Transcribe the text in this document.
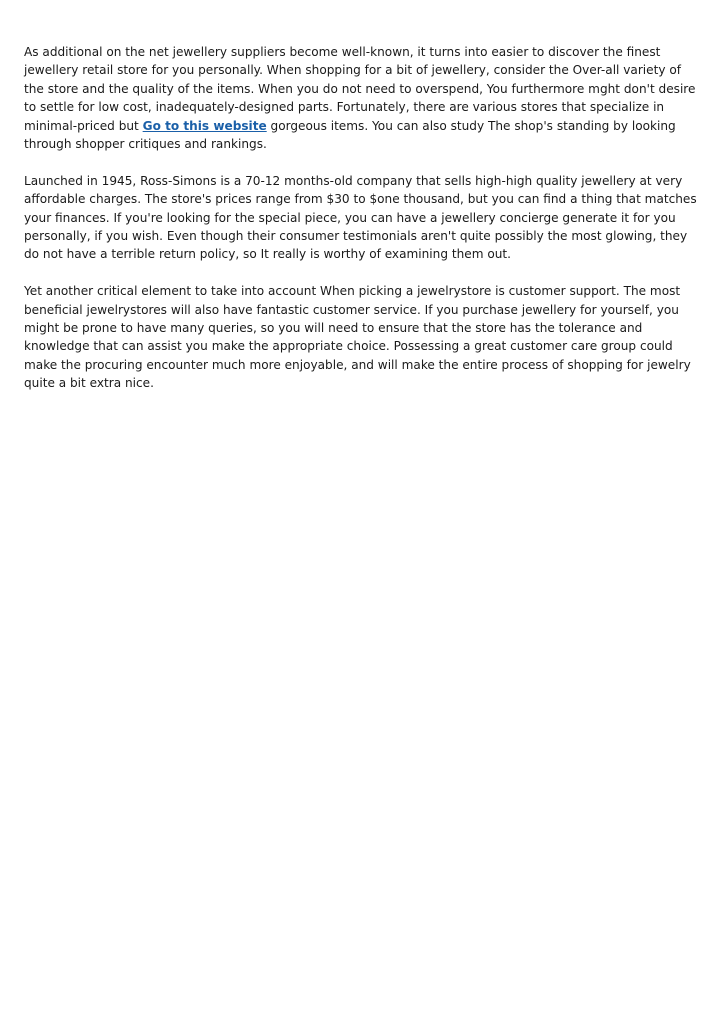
As additional on the net jewellery suppliers become well-known, it turns into easier to discover the finest jewellery retail store for you personally. When shopping for a bit of jewellery, consider the Over-all variety of the store and the quality of the items. When you do not need to overspend, You furthermore mght don't desire to settle for low cost, inadequately-designed parts. Fortunately, there are various stores that specialize in minimal-priced but Go to this website gorgeous items. You can also study The shop's standing by looking through shopper critiques and rankings.

Launched in 1945, Ross-Simons is a 70-12 months-old company that sells high-high quality jewellery at very affordable charges. The store's prices range from $30 to $one thousand, but you can find a thing that matches your finances. If you're looking for the special piece, you can have a jewellery concierge generate it for you personally, if you wish. Even though their consumer testimonials aren't quite possibly the most glowing, they do not have a terrible return policy, so It really is worthy of examining them out.

Yet another critical element to take into account When picking a jewelrystore is customer support. The most beneficial jewelrystores will also have fantastic customer service. If you purchase jewellery for yourself, you might be prone to have many queries, so you will need to ensure that the store has the tolerance and knowledge that can assist you make the appropriate choice. Possessing a great customer care group could make the procuring encounter much more enjoyable, and will make the entire process of shopping for jewelry quite a bit extra nice.
